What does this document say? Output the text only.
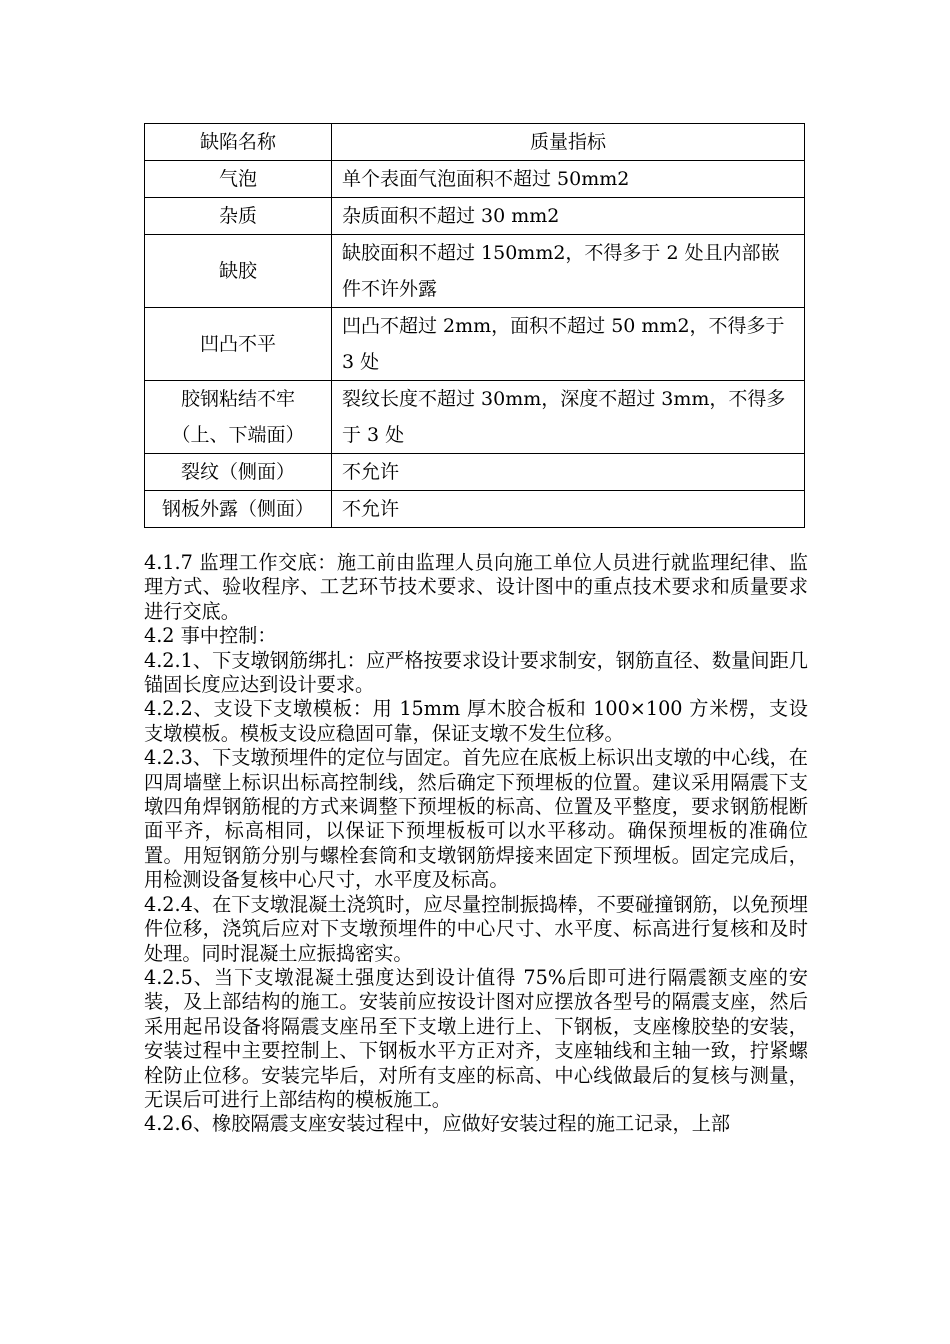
缺陷名称	质量指标
气泡	单个表面气泡面积不超过 50mm2
杂质	杂质面积不超过 30 mm2
缺胶	缺胶面积不超过 150mm2，不得多于 2 处且内部嵌件不许外露
凹凸不平	凹凸不超过 2mm，面积不超过 50 mm2，不得多于 3 处
胶钢粘结不牢（上、下端面）	裂纹长度不超过 30mm，深度不超过 3mm，不得多于 3 处
裂纹（侧面）	不允许
钢板外露（侧面）	不允许

4.1.7 监理工作交底：施工前由监理人员向施工单位人员进行就监理纪律、监理方式、验收程序、工艺环节技术要求、设计图中的重点技术要求和质量要求进行交底。

4.2 事中控制：

4.2.1、下支墩钢筋绑扎：应严格按要求设计要求制安，钢筋直径、数量间距几锚固长度应达到设计要求。

4.2.2、支设下支墩模板：用 15mm 厚木胶合板和 100×100 方米楞，支设支墩模板。模板支设应稳固可靠，保证支墩不发生位移。

4.2.3、下支墩预埋件的定位与固定。首先应在底板上标识出支墩的中心线，在四周墙壁上标识出标高控制线，然后确定下预埋板的位置。建议采用隔震下支墩四角焊钢筋棍的方式来调整下预埋板的标高、位置及平整度，要求钢筋棍断面平齐，标高相同，以保证下预埋板板可以水平移动。确保预埋板的准确位置。用短钢筋分别与螺栓套筒和支墩钢筋焊接来固定下预埋板。固定完成后，用检测设备复核中心尺寸，水平度及标高。

4.2.4、在下支墩混凝土浇筑时，应尽量控制振捣棒，不要碰撞钢筋，以免预埋件位移，浇筑后应对下支墩预埋件的中心尺寸、水平度、标高进行复核和及时处理。同时混凝土应振捣密实。

4.2.5、当下支墩混凝土强度达到设计值得 75%后即可进行隔震额支座的安装，及上部结构的施工。安装前应按设计图对应摆放各型号的隔震支座，然后采用起吊设备将隔震支座吊至下支墩上进行上、下钢板，支座橡胶垫的安装，安装过程中主要控制上、下钢板水平方正对齐，支座轴线和主轴一致，拧紧螺栓防止位移。安装完毕后，对所有支座的标高、中心线做最后的复核与测量，无误后可进行上部结构的模板施工。

4.2.6、橡胶隔震支座安装过程中，应做好安装过程的施工记录，上部
